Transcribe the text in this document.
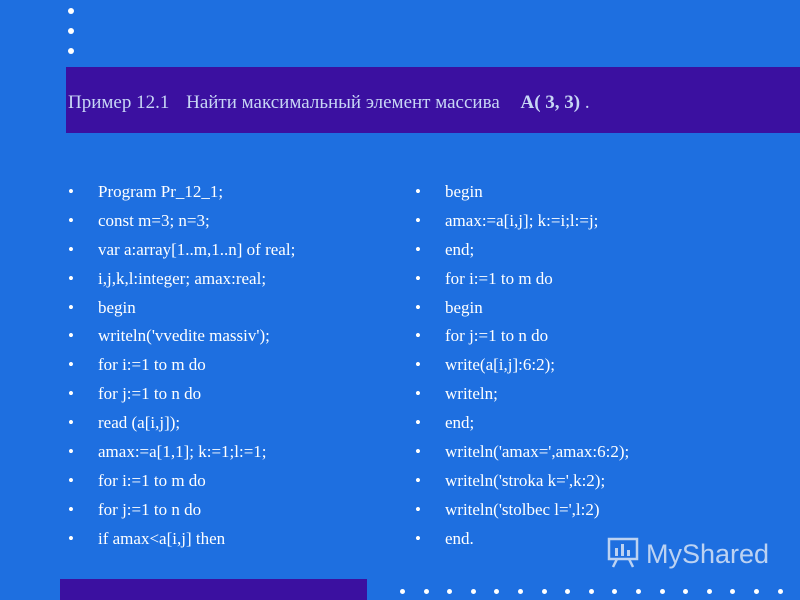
Пример 12.1 Найти максимальный элемент массива A( 3, 3) .
•	Program Pr_12_1;
•	const m=3; n=3;
•	var a:array[1..m,1..n] of real;
•	i,j,k,l:integer; amax:real;
•	begin
•	writeln('vvedite massiv');
•	for i:=1 to m do
•	for j:=1 to n do
•	read (a[i,j]);
•	amax:=a[1,1]; k:=1;l:=1;
•	for i:=1 to m do
•	for j:=1 to n do
•	if amax<a[i,j] then
•	begin
•	amax:=a[i,j]; k:=i;l:=j;
•	end;
•	for i:=1 to m do
•	begin
•	for j:=1 to n do
•	write(a[i,j]:6:2);
•	writeln;
•	end;
•	writeln('amax=',amax:6:2);
•	writeln('stroka k=',k:2);
•	writeln('stolbec l=',l:2)
•	end.
MyShared
